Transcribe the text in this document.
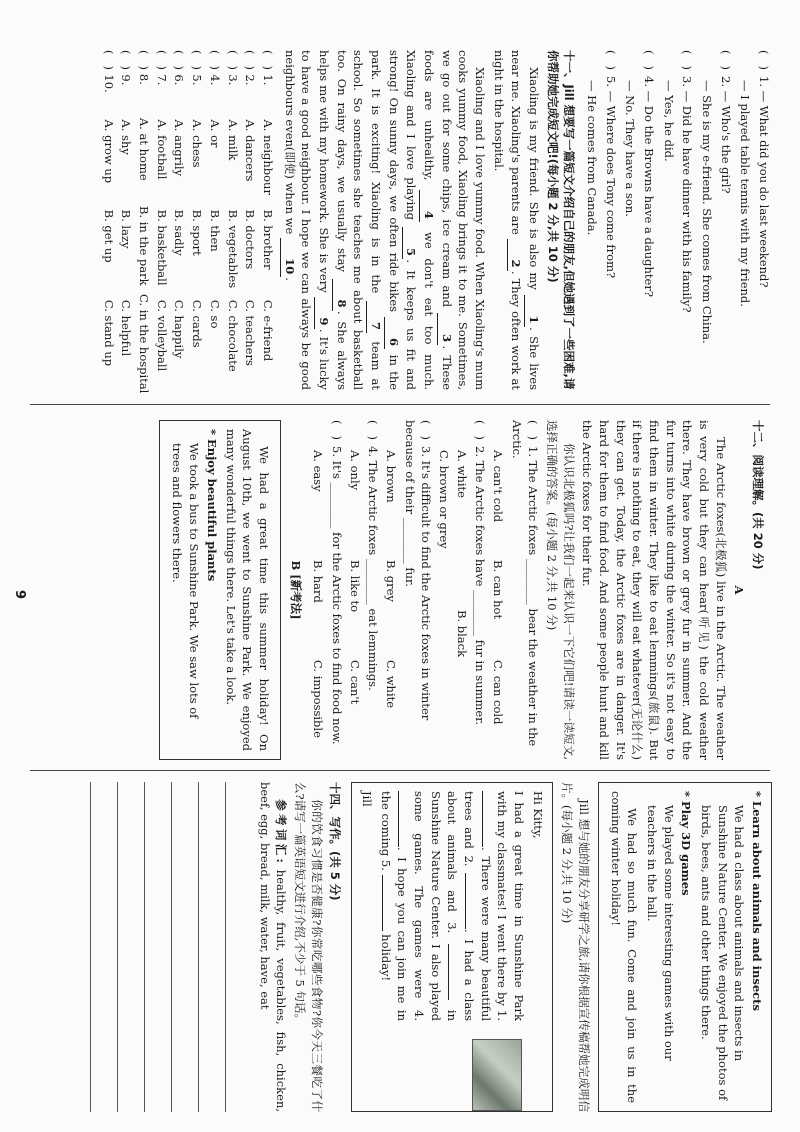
(   )1. — What did you do last weekend?
— I played table tennis with my friend.
(   )2. — Who's the girl?
— She is my e-friend. She comes from China.
(   )3. — Did he have dinner with his family?
— Yes, he did.
(   )4. — Do the Browns have a daughter?
— No. They have a son.
(   )5. — Where does Tony come from?
— He comes from Canada.
十一、Jill 想要写一篇短文介绍自己的朋友,但她遇到了一些困难,请你帮助她完成短文吧!(每小题 2 分,共 10 分)
Xiaoling is my friend. She is also my 1. She lives near me. Xiaoling's parents are 2. They often work at night in the hospital.
Xiaoling and I love yummy food. When Xiaoling's mum cooks yummy food, Xiaoling brings it to me. Sometimes, we go out for some chips, ice cream and 3. These foods are unhealthy, 4 we don't eat too much. Xiaoling and I love playing 5. It keeps us fit and strong! On sunny days, we often ride bikes 6 in the park. It is exciting! Xiaoling is in the 7 team at school. So sometimes she teaches me about basketball too. On rainy days, we usually stay 8. She always helps me with my homework. She is very 9. It's lucky to have a good neighbour. I hope we can always be good neighbours even(即使) when we 10.
(   )
1.
A. neighbour
B. brother
C. e-friend
(   )
2.
A. dancers
B. doctors
C. teachers
(   )
3.
A. milk
B. vegetables
C. chocolate
(   )
4.
A. or
B. then
C. so
(   )
5.
A. chess
B. sport
C. cards
(   )
6.
A. angrily
B. sadly
C. happily
(   )
7.
A. football
B. basketball
C. volleyball
(   )
8.
A. at home
B. in the park
C. in the hospital
(   )
9.
A. shy
B. lazy
C. helpful
(   )
10.
A. grow up
B. get up
C. stand up
十二、阅读理解。(共 20 分)
A
The Arctic foxes(北极狐) live in the Arctic. The weather is very cold but they can hear(听见) the cold weather there. They have brown or grey fur in summer. And the fur turns into white during the winter. So it's not easy to find them in winter. They like to eat lemmings(旅鼠). But if there is nothing to eat, they will eat whatever(无论什么) they can get. Today, the Arctic foxes are in danger. It's hard for them to find food. And some people hunt and kill the Arctic foxes for their fur.
你认识北极狐吗?让我们一起来认识一下它们吧!请读一读短文,选择正确的答案。(每小题 2 分,共 10 分)
(   )1. The Arctic foxes ________ bear the weather in the Arctic.
A. can't cold
B. can hot
C. can cold
(   )2. The Arctic foxes have ________ fur in summer.
A. white
B. black
C. brown or grey
(   )3. It's difficult to find the Arctic foxes in winter because of their ________ fur.
A. brown
B. grey
C. white
(   )4. The Arctic foxes ________ eat lemmings.
A. only
B. like to
C. can't
(   )5. It's ________ for the Arctic foxes to find food now.
A. easy
B. hard
C. impossible
B [新考法]
We had a great time this summer holiday! On August 10th, we went to Sunshine Park. We enjoyed many wonderful things there. Let's take a look.
* Enjoy beautiful plants
We took a bus to Sunshine Park. We saw lots of trees and flowers there.
* Learn about animals and insects
We had a class about animals and insects in Sunshine Nature Center. We enjoyed the photos of birds, bees, ants and other things there.
* Play 3D games
We played some interesting games with our teachers in the hall.
We had so much fun. Come and join us in the coming winter holiday!
Jill 想与她的朋友分享研学之旅,请你根据宣传稿帮她完成明信片。(每小题 2 分,共 10 分)
Hi Kitty,
I had a great time in Sunshine Park with my classmates! I went there by 1. . There were many beautiful trees and 2. . I had a class about animals and 3.  in Sunshine Nature Center. I also played some games. The games were 4. . I hope you can join me in the coming 5.  holiday!
Jill
十四、写作。(共 5 分)
你的饮食习惯是否健康?你常吃哪些食物?你今天三餐吃了什么?请写一篇英语短文进行介绍,不少于 5 句话。
参考词汇: healthy, fruit, vegetables, fish, chicken, beef, egg, bread, milk, water, have, eat
9
